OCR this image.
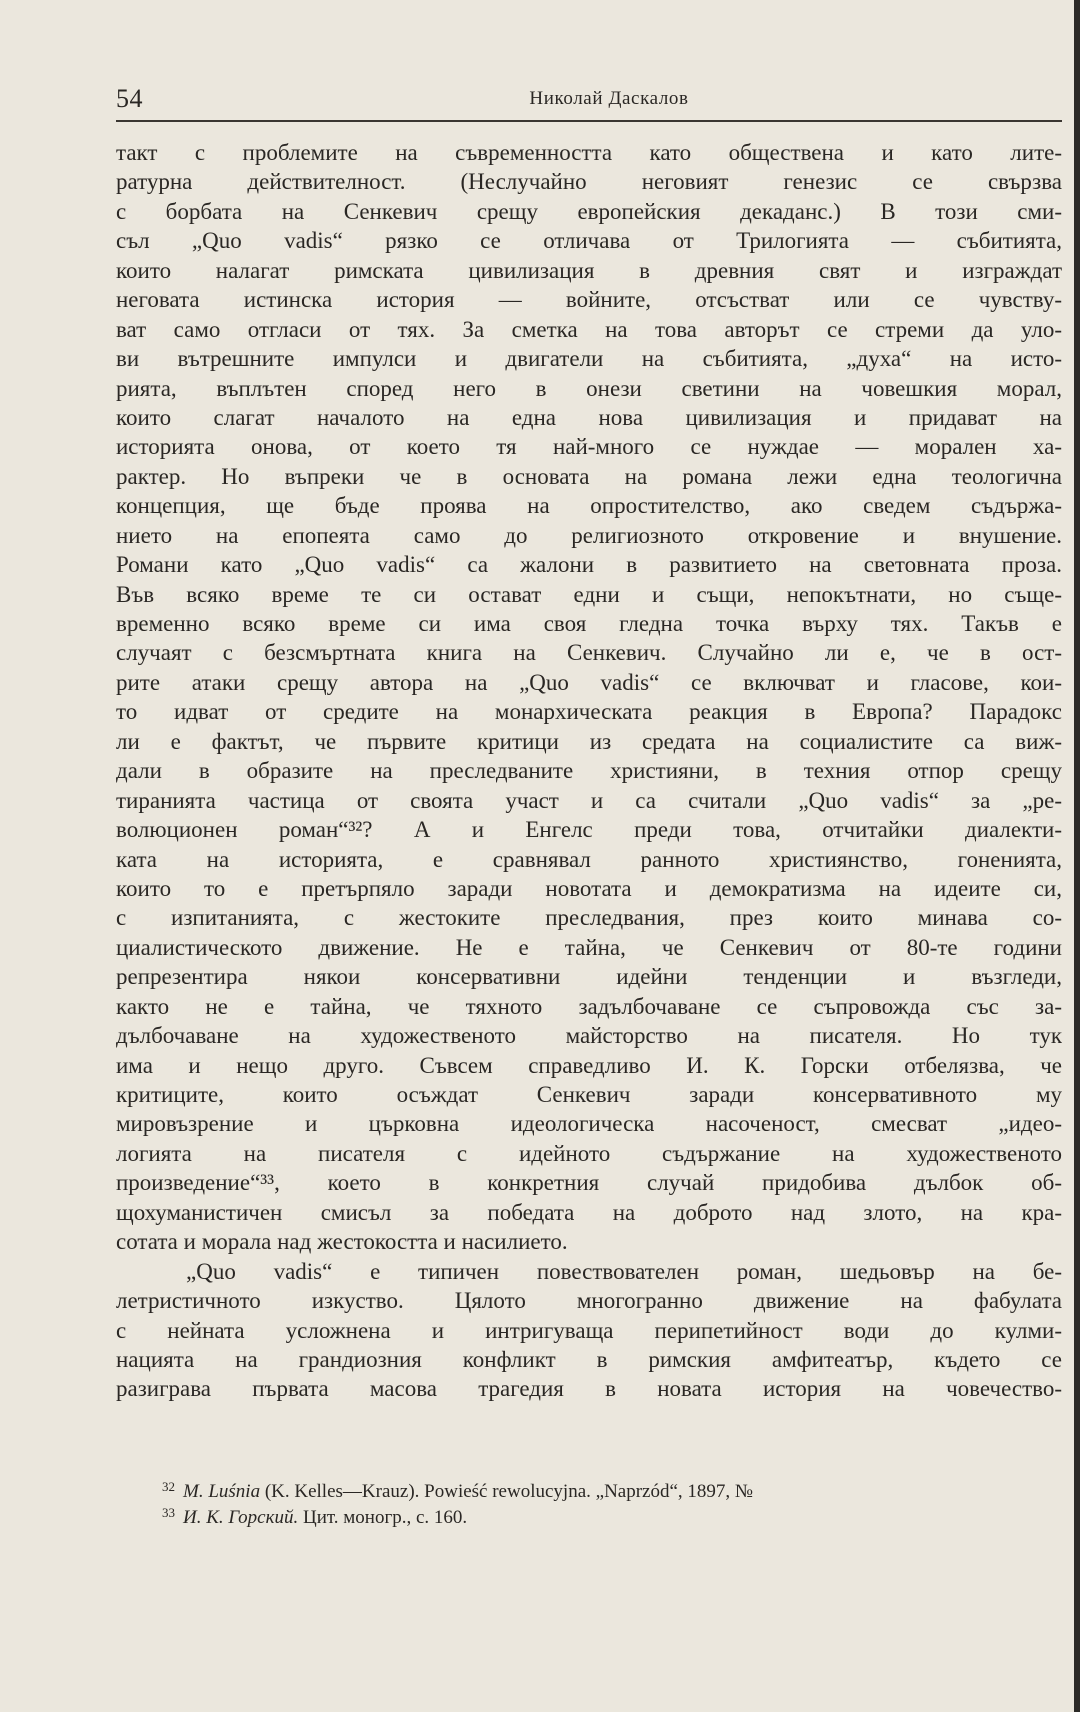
54	Николай Даскалов
такт с проблемите на съвременността като обществена и като лите-
ратурна действителност. (Неслучайно неговият генезис се свързва
с борбата на Сенкевич срещу европейския декаданс.) В този сми-
съл „Quo vadis“ рязко се отличава от Трилогията — събитията,
които налагат римската цивилизация в древния свят и изграждат
неговата истинска история — войните, отсъстват или се чувству-
ват само отгласи от тях. За сметка на това авторът се стреми да уло-
ви вътрешните импулси и двигатели на събитията, „духа“ на исто-
рията, въплътен според него в онези светини на човешкия морал,
които слагат началото на една нова цивилизация и придават на
историята онова, от което тя най-много се нуждае — морален ха-
рактер. Но въпреки че в основата на романа лежи една теологична
концепция, ще бъде проява на опростителство, ако сведем съдържа-
нието на епопеята само до религиозното откровение и внушение.
Романи като „Quo vadis“ са жалони в развитието на световната проза.
Във всяко време те си остават едни и същи, непокътнати, но съще-
временно всяко време си има своя гледна точка върху тях. Такъв е
случаят с безсмъртната книга на Сенкевич. Случайно ли е, че в ост-
рите атаки срещу автора на „Quo vadis“ се включват и гласове, кои-
то идват от средите на монархическата реакция в Европа? Парадокс
ли е фактът, че първите критици из средата на социалистите са виж-
дали в образите на преследваните християни, в техния отпор срещу
тиранията частица от своята участ и са считали „Quo vadis“ за „ре-
волюционен роман“³²? А и Енгелс преди това, отчитайки диалекти-
ката на историята, е сравнявал ранното християнство, гоненията,
които то е претърпяло заради новотата и демократизма на идеите си,
с изпитанията, с жестоките преследвания, през които минава со-
циалистическото движение. Не е тайна, че Сенкевич от 80-те години
репрезентира някои консервативни идейни тенденции и възгледи,
както не е тайна, че тяхното задълбочаване се съпровожда със за-
дълбочаване на художественото майсторство на писателя. Но тук
има и нещо друго. Съвсем справедливо И. К. Горски отбелязва, че
критиците, които осъждат Сенкевич заради консервативното му
мировъзрение и църковна идеологическа насоченост, смесват „идео-
логията на писателя с идейното съдържание на художественото
произведение“³³, което в конкретния случай придобива дълбок об-
щохуманистичен смисъл за победата на доброто над злото, на кра-
сотата и морала над жестокостта и насилието.
„Quo vadis“ е типичен повествователен роман, шедьовър на бе-
летристичното изкуство. Цялото многогранно движение на фабулата
с нейната усложнена и интригуваща перипетийност води до кулми-
нацията на грандиозния конфликт в римския амфитеатър, където се
разиграва първата масова трагедия в новата история на човечество-
$^{32}$ M. Luśnia (K. Kelles—Krauz). Powieść rewolucyjna. „Naprzód“, 1897, №
$^{33}$ И. К. Горский. Цит. моногр., с. 160.
